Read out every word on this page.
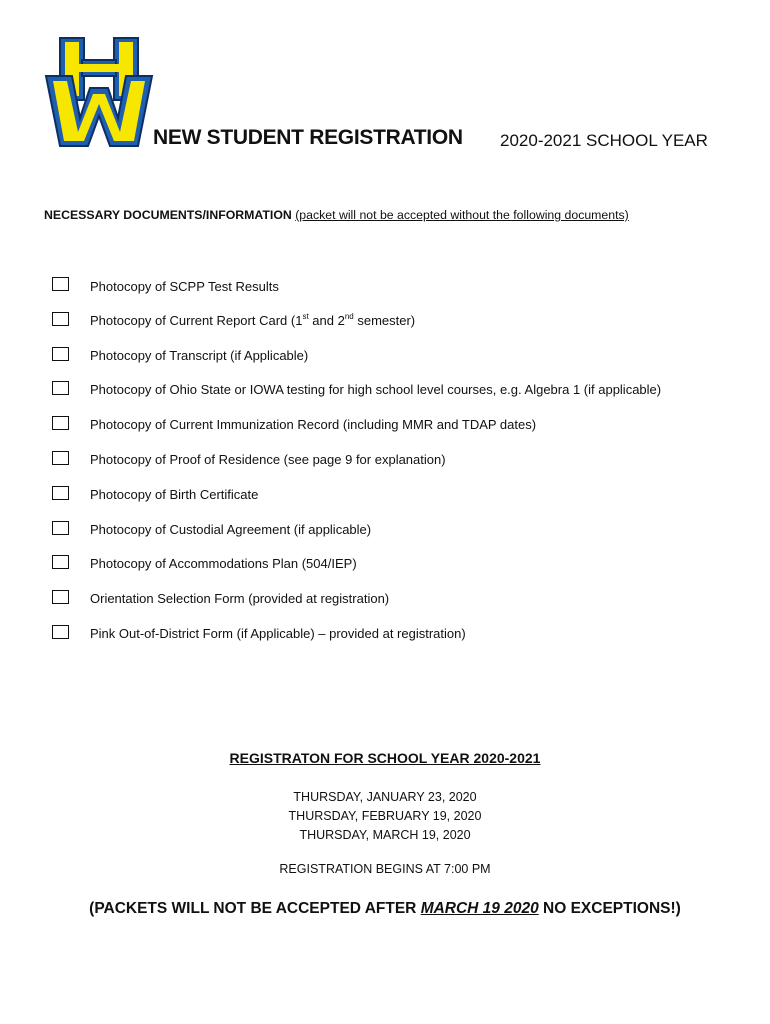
NEW STUDENT REGISTRATION 2020-2021 SCHOOL YEAR
NECESSARY DOCUMENTS/INFORMATION (packet will not be accepted without the following documents)
Photocopy of SCPP Test Results
Photocopy of Current Report Card (1st and 2nd semester)
Photocopy of Transcript (if Applicable)
Photocopy of Ohio State or IOWA testing for high school level courses, e.g. Algebra 1 (if applicable)
Photocopy of Current Immunization Record (including MMR and TDAP dates)
Photocopy of Proof of Residence (see page 9 for explanation)
Photocopy of Birth Certificate
Photocopy of Custodial Agreement (if applicable)
Photocopy of Accommodations Plan (504/IEP)
Orientation Selection Form (provided at registration)
Pink Out-of-District Form (if Applicable) – provided at registration)
REGISTRATON FOR SCHOOL YEAR 2020-2021
THURSDAY, JANUARY 23, 2020
THURSDAY, FEBRUARY 19, 2020
THURSDAY, MARCH 19, 2020
REGISTRATION BEGINS AT 7:00 PM
(PACKETS WILL NOT BE ACCEPTED AFTER MARCH 19 2020 NO EXCEPTIONS!)
